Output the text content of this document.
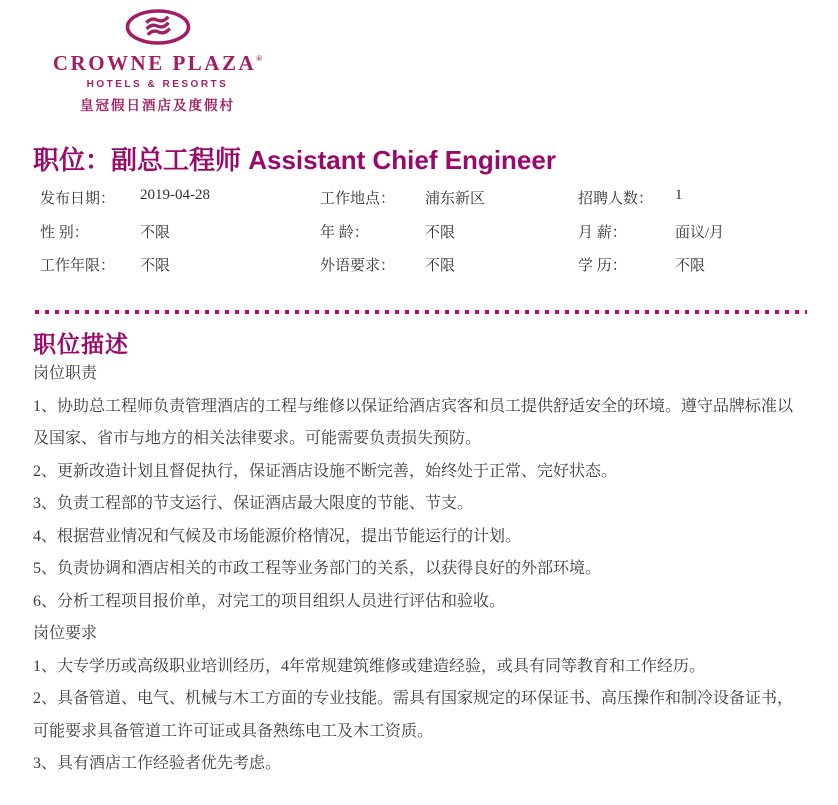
CROWNE PLAZA®
HOTELS & RESORTS
皇冠假日酒店及度假村
职位：副总工程师 Assistant Chief Engineer
发布日期：	2019-04-28	工作地点：	浦东新区	招聘人数：	1
性 别：	不限	年 龄：	不限	月 薪：	面议/月
工作年限：	不限	外语要求：	不限	学 历：	不限
职位描述

岗位职责

1、协助总工程师负责管理酒店的工程与维修以保证给酒店宾客和员工提供舒适安全的环境。遵守品牌标准以及国家、省市与地方的相关法律要求。可能需要负责损失预防。

2、更新改造计划且督促执行，保证酒店设施不断完善，始终处于正常、完好状态。

3、负责工程部的节支运行、保证酒店最大限度的节能、节支。

4、根据营业情况和气候及市场能源价格情况，提出节能运行的计划。

5、负责协调和酒店相关的市政工程等业务部门的关系，以获得良好的外部环境。

6、分析工程项目报价单，对完工的项目组织人员进行评估和验收。

岗位要求

1、大专学历或高级职业培训经历，4年常规建筑维修或建造经验，或具有同等教育和工作经历。

2、具备管道、电气、机械与木工方面的专业技能。需具有国家规定的环保证书、高压操作和制冷设备证书，可能要求具备管道工许可证或具备熟练电工及木工资质。

3、具有酒店工作经验者优先考虑。
